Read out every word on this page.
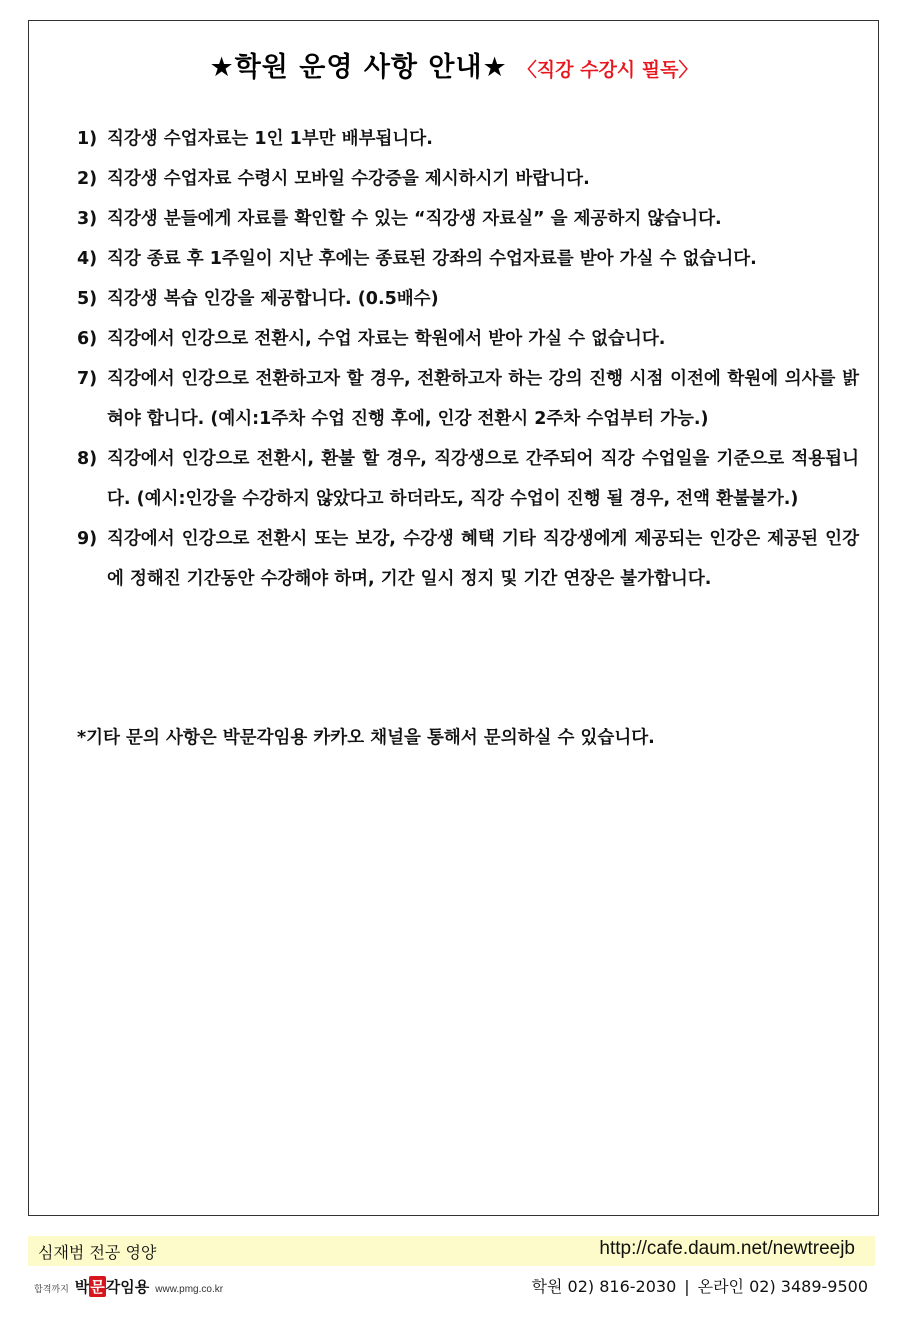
★학원 운영 사항 안내★ 〈직강 수강시 필독〉
1) 직강생 수업자료는 1인 1부만 배부됩니다.
2) 직강생 수업자료 수령시 모바일 수강증을 제시하시기 바랍니다.
3) 직강생 분들에게 자료를 확인할 수 있는 “직강생 자료실” 을 제공하지 않습니다.
4) 직강 종료 후 1주일이 지난 후에는 종료된 강좌의 수업자료를 받아 가실 수 없습니다.
5) 직강생 복습 인강을 제공합니다. (0.5배수)
6) 직강에서 인강으로 전환시, 수업 자료는 학원에서 받아 가실 수 없습니다.
7) 직강에서 인강으로 전환하고자 할 경우, 전환하고자 하는 강의 진행 시점 이전에 학원에 의사를 밝혀야 합니다. (예시:1주차 수업 진행 후에, 인강 전환시 2주차 수업부터 가능.)
8) 직강에서 인강으로 전환시, 환불 할 경우, 직강생으로 간주되어 직강 수업일을 기준으로 적용됩니다. (예시:인강을 수강하지 않았다고 하더라도, 직강 수업이 진행 될 경우, 전액 환불불가.)
9) 직강에서 인강으로 전환시 또는 보강, 수강생 혜택 기타 직강생에게 제공되는 인강은 제공된 인강에 정해진 기간동안 수강해야 하며, 기간 일시 정지 및 기간 연장은 불가합니다.
*기타 문의 사항은 박문각임용 카카오 채널을 통해서 문의하실 수 있습니다.
심재범 전공 영양	http://cafe.daum.net/newtreejb
합격까지 박 문 각 임용 www.pmg.co.kr	학원 02) 816-2030 | 온라인 02) 3489-9500
